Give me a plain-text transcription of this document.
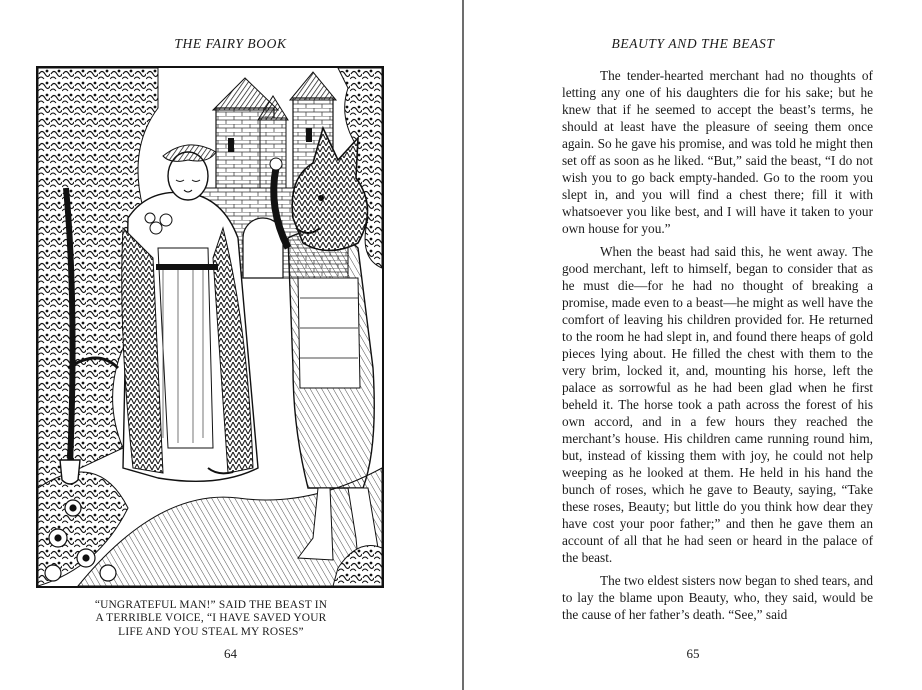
THE FAIRY BOOK
“UNGRATEFUL MAN!” SAID THE BEAST IN
A TERRIBLE VOICE, “I HAVE SAVED YOUR
LIFE AND YOU STEAL MY ROSES”
64
BEAUTY AND THE BEAST

The tender-hearted merchant had no thoughts of letting any one of his daughters die for his sake; but he knew that if he seemed to accept the beast’s terms, he should at least have the pleasure of seeing them once again. So he gave his promise, and was told he might then set off as soon as he liked. “But,” said the beast, “I do not wish you to go back empty-handed. Go to the room you slept in, and you will find a chest there; fill it with whatsoever you like best, and I will have it taken to your own house for you.”

When the beast had said this, he went away. The good merchant, left to himself, began to consider that as he must die—for he had no thought of breaking a promise, made even to a beast—he might as well have the comfort of leaving his children provided for. He returned to the room he had slept in, and found there heaps of gold pieces lying about. He filled the chest with them to the very brim, locked it, and, mounting his horse, left the palace as sorrowful as he had been glad when he first beheld it. The horse took a path across the forest of his own accord, and in a few hours they reached the merchant’s house. His children came running round him, but, instead of kissing them with joy, he could not help weeping as he looked at them. He held in his hand the bunch of roses, which he gave to Beauty, saying, “Take these roses, Beauty; but little do you think how dear they have cost your poor father;” and then he gave them an account of all that he had seen or heard in the palace of the beast.

The two eldest sisters now began to shed tears, and to lay the blame upon Beauty, who, they said, would be the cause of her father’s death. “See,” said

65
